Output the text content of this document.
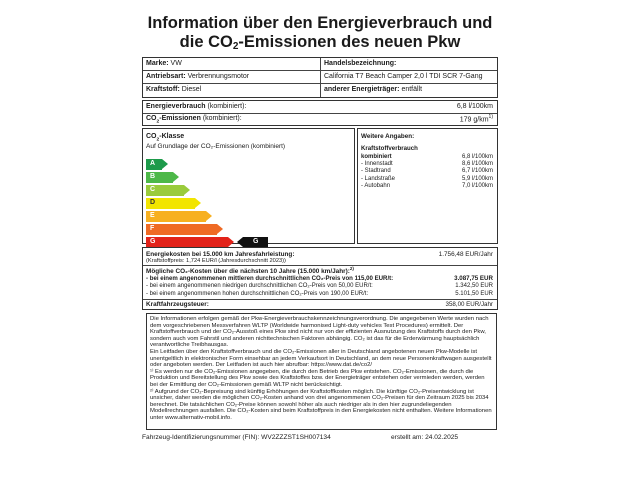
Information über den Energieverbrauch und
die $CO_2$-Emissionen des neuen Pkw
Marke: VW
Antriebsart: Verbrennungsmotor
Kraftstoff: Diesel
Handelsbezeichnung:
California T7 Beach Camper 2,0 l TDI SCR 7-Gang
anderer Energieträger: entfällt
Energieverbrauch (kombiniert):	6,8 l/100km
$CO_2$-Emissionen (kombiniert):	179 $g/km^{1)}$
$CO_2$-Klasse
Auf Grundlage der CO₂-Emissionen (kombiniert)
A
B
C
D
E
F
G	G
Weitere Angaben:
Kraftstoffverbrauch
kombiniert	6,8 l/100km
- Innenstadt	8,6 l/100km
- Stadtrand	6,7 l/100km
- Landstraße	5,9 l/100km
- Autobahn	7,0 l/100km
Energiekosten bei 15.000 km Jahresfahrleistung:	1.756,48 EUR/Jahr
(Kraftstoffpreis: 1,724 EUR/l (Jahresdurchschnitt 2023))
Mögliche CO₂-Kosten über die nächsten 10 Jahre (15.000 km/Jahr):$^{2)}$
- bei einem angenommenen mittleren durchschnittlichen CO₂-Preis von 115,00 EUR/t:	3.087,75 EUR
- bei einem angenommenen niedrigen durchschnittlichen CO₂-Preis von 50,00 EUR/t:	1.342,50 EUR
- bei einem angenommenen hohen durchschnittlichen CO₂-Preis von 190,00 EUR/t:	5.101,50 EUR
Kraftfahrzeugsteuer:	358,00 EUR/Jahr

Die Informationen erfolgen gemäß der Pkw-Energieverbrauchskennzeichnungsverordnung. Die angegebenen Werte wurden nach dem vorgeschriebenen Messverfahren WLTP (Worldwide harmonised Light-duty vehicles Test Procedures) ermittelt. Der Kraftstoffverbrauch und der CO₂-Ausstoß eines Pkw sind nicht nur von der effizienten Ausnutzung des Kraftstoffs durch den Pkw, sondern auch vom Fahrstil und anderen nichttechnischen Faktoren abhängig. CO₂ ist das für die Erderwärmung hauptsächlich verantwortliche Treibhausgas.

Ein Leitfaden über den Kraftstoffverbrauch und die CO₂-Emissionen aller in Deutschland angebotenen neuen Pkw-Modelle ist unentgeltlich in elektronischer Form einsehbar an jedem Verkaufsort in Deutschland, an dem neue Personenkraftwagen ausgestellt oder angeboten werden. Der Leitfaden ist auch hier abrufbar: https://www.dat.de/co2/

¹⁾ Es werden nur die CO₂-Emissionen angegeben, die durch den Betrieb des Pkw entstehen. CO₂-Emissionen, die durch die Produktion und Bereitstellung des Pkw sowie des Kraftstoffes bzw. der Energieträger entstehen oder vermieden werden, werden bei der Ermittlung der CO₂-Emissionen gemäß WLTP nicht berücksichtigt.

²⁾ Aufgrund der CO₂-Bepreisung sind künftig Erhöhungen der Kraftstoffkosten möglich. Die künftige CO₂-Preisentwicklung ist unsicher, daher werden die möglichen CO₂-Kosten anhand von drei angenommenen CO₂-Preisen für den Zeitraum 2025 bis 2034 berechnet. Die tatsächlichen CO₂-Preise können sowohl höher als auch niedriger als in den hier zugrundeliegenden Modellrechnungen ausfallen. Die CO₂-Kosten sind beim Kraftstoffpreis in den Energiekosten nicht enthalten. Weitere Informationen unter www.alternativ-mobil.info.

Fahrzeug-Identifizierungsnummer (FIN): WV2ZZZST1SH007134	erstellt am: 24.02.2025
